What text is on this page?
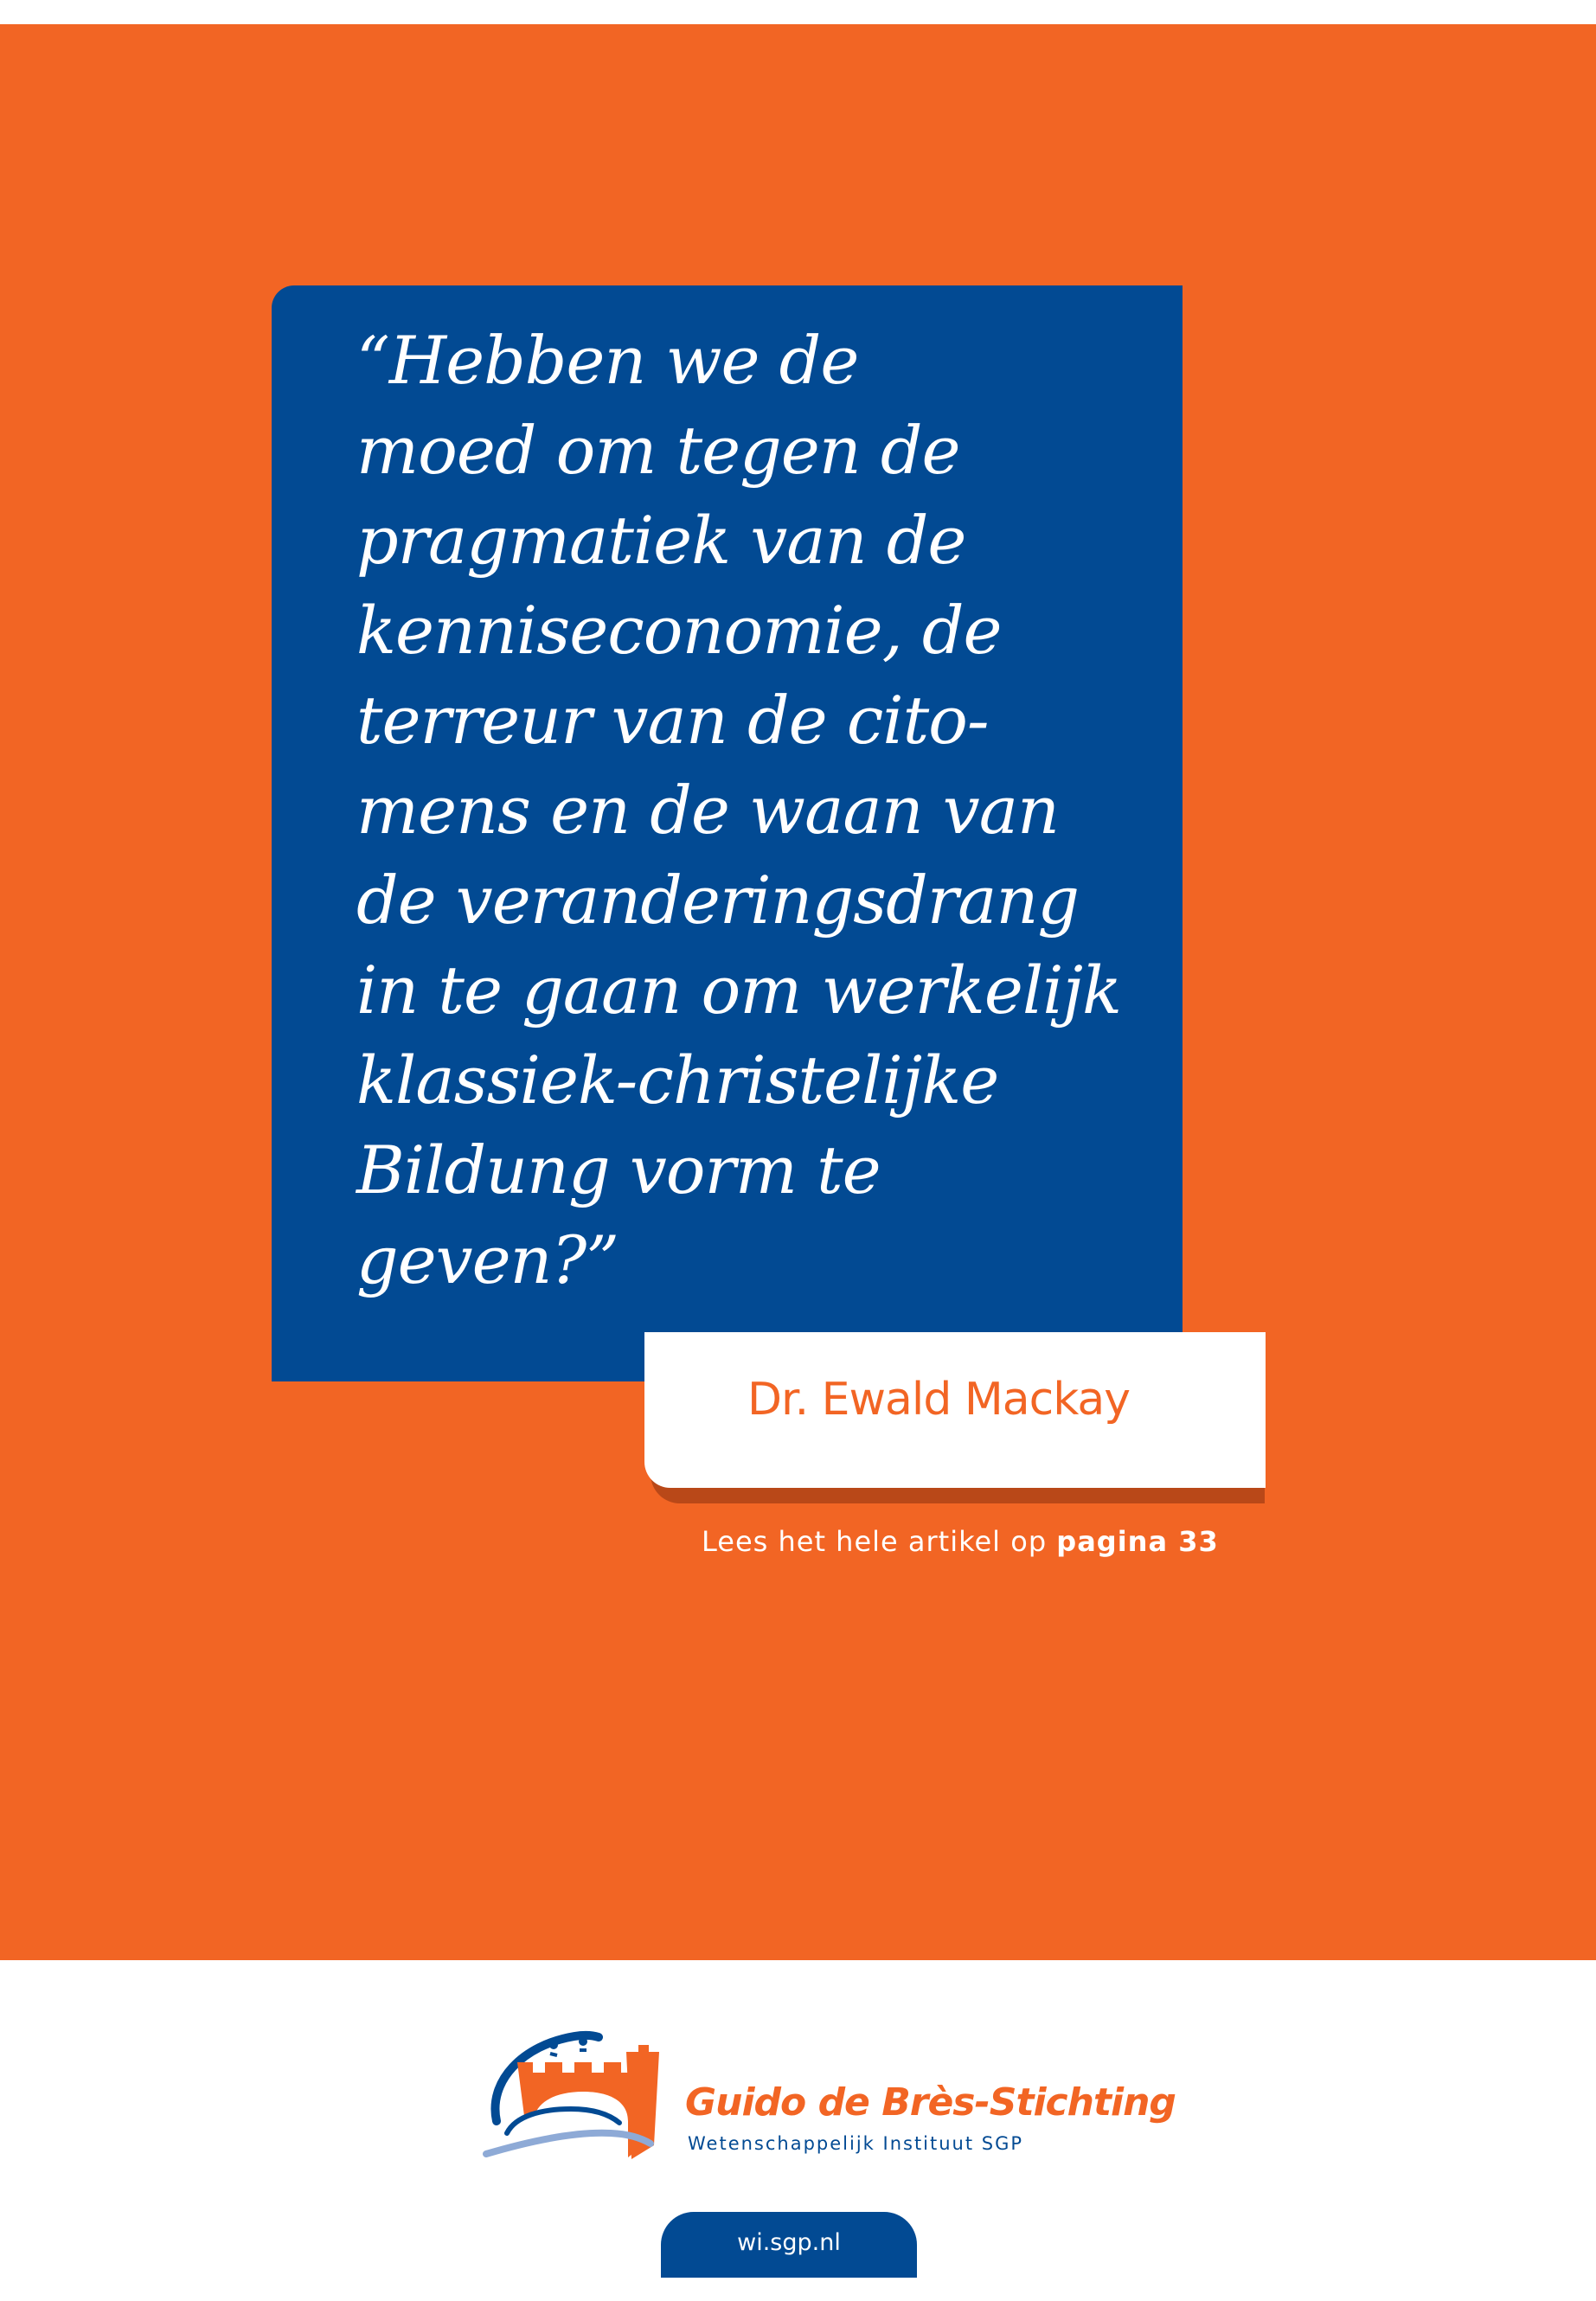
“Hebben we de
moed om tegen de
pragmatiek van de
kenniseconomie, de
terreur van de cito-
mens en de waan van
de veranderingsdrang
in te gaan om werkelijk
klassiek-christelijke
Bildung vorm te
geven?”

Dr. Ewald Mackay
Lees het hele artikel op pagina 33
Guido de Brès-Stichting
Wetenschappelijk Instituut SGP
wi.sgp.nl
